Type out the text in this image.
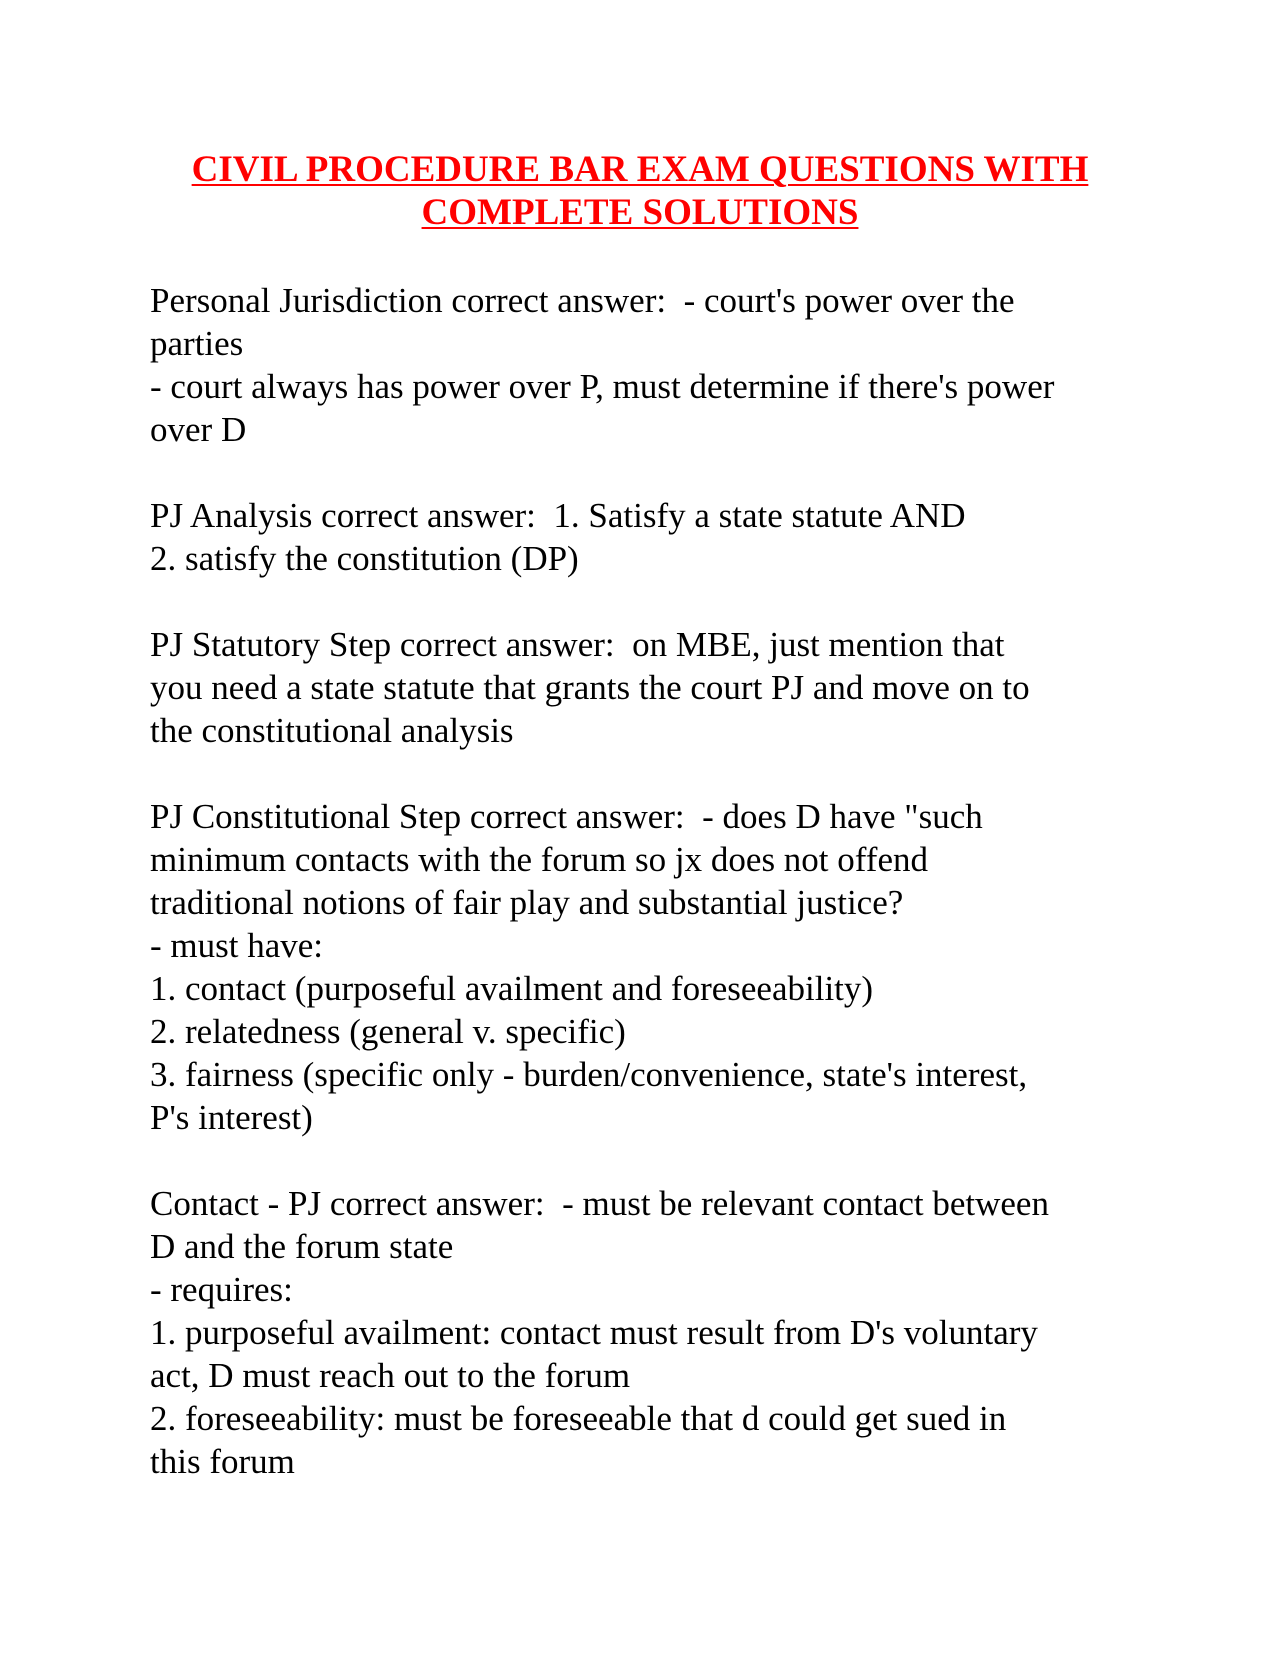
CIVIL PROCEDURE BAR EXAM QUESTIONS WITH
COMPLETE SOLUTIONS
Personal Jurisdiction correct answer:  - court's power over the
parties
- court always has power over P, must determine if there's power
over D
PJ Analysis correct answer:  1. Satisfy a state statute AND
2. satisfy the constitution (DP)
PJ Statutory Step correct answer:  on MBE, just mention that
you need a state statute that grants the court PJ and move on to
the constitutional analysis
PJ Constitutional Step correct answer:  - does D have "such
minimum contacts with the forum so jx does not offend
traditional notions of fair play and substantial justice?
- must have:
1. contact (purposeful availment and foreseeability)
2. relatedness (general v. specific)
3. fairness (specific only - burden/convenience, state's interest,
P's interest)
Contact - PJ correct answer:  - must be relevant contact between
D and the forum state
- requires:
1. purposeful availment: contact must result from D's voluntary
act, D must reach out to the forum
2. foreseeability: must be foreseeable that d could get sued in
this forum
